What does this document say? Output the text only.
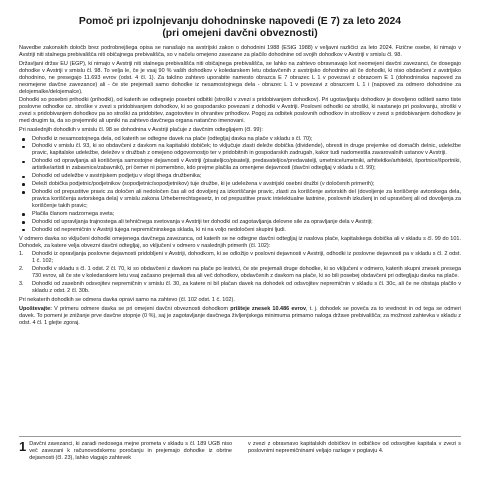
Pomoč pri izpolnjevanju dohodninske napovedi (E 7) za leto 2024
(pri omejeni davčni obveznosti)

Navedbe zakonskih določb brez podrobnejšega opisa se nanašajo na avstrijski zakon o dohodnini 1988 (EStG 1988) v veljavni različici za leto 2024. Fizične osebe, ki nimajo v Avstriji niti stalnega prebivališča niti običajnega prebivališča, so v načelu omejeno zavezane za plačilo dohodnine od svojih dohodkov v Avstriji v smislu čl. 98.

Državljani držav EU (EGP), ki nimajo v Avstriji niti stalnega prebivališča niti običajnega prebivališča, se lahko na zahtevo obravnavajo kot neomejeni davčni zavezanci, če dosegajo dohodke v Avstriji v smislu čl. 98. To velja le, če je vsaj 90 % vaših dohodkov v koledarskem letu obdavčenih z avstrijsko dohodnino ali če dohodki, ki niso obdavčeni z avstrijsko dohodnino, ne presegajo 11.693 evrov (odst. 4 čl. 1). Za takšno zahtevo uporabite namesto obrazca E 7 obrazec L 1 v povezavi z obrazcem E 1 (dohodninska napoved za neomejene davčne zavezance) ali - če ste prejemali samo dohodke iz nesamostojnega dela - obrazec L 1 v povezavi z obrazcem L 1 i (napoved za odmero dohodnine za delojemalke/delojemalce).

Dohodki so posebni prihodki (prihodki), od katerih se odtegnejo posebni odbitki (stroški v zvezi s pridobivanjem dohodkov). Pri ugotavljanju dohodkov je dovoljeno odšteti samo tiste poslovne odhodke oz. stroške v zvezi s pridobivanjem dohodkov, ki so gospodarsko povezani z dohodki v Avstriji. Poslovni odhodki oz stroški, ki nastanejo pri poslovanju, stroški v zvezi s pridobivanjem dohodkov pa so stroški za pridobitev, zagotovitev in ohranitev prihodkov. Pogoj za odbitek poslovnih odhodkov in stroškov v zvezi s pridobivanjem dohodkov je med drugim ta, da so prejemniki ali upniki na zahtevo davčnega organa natančno imenovani.

Pri naslednjih dohodkih v smislu čl. 98 se dohodnina v Avstriji plačuje z davčnim odtegljajem (čl. 99):

Dohodki iz nesamostojnega dela, od katerih se odtegne davek na plače (odtegljaj davka na plače v skladu s čl. 70);
Dohodki v smislu čl. 93, ki so obdavčeni z davkom na kapitalski dobiček; to vključuje zlasti deleže dobička (dividende), obresti in druge prejemke od domačih delnic, udeležbe pravic, kapitalske udeležbe, deležev v družbah z omejeno odgovornostjo ter v pridobitnih in gospodarskih zadrugah, kakor tudi nadomestila zavarovalnih ustanov v Avstriji.
Dohodki od opravljanja ali koriščenja samostojne dejavnosti v Avstriji (pisateljico/pisatelji, predavateljice/predavatelji, umetnice/umetniki, arhitektke/arhitekti, športnice/športniki, artistke/artisti in zabavnice/zabavniki), pri čemer ni pomembno, kdo prejme plačila za omenjene dejavnosti (davčni odtegljaj v skladu s čl. 99);
Dohodki od udeležbe v avstrijskem podjetju v vlogi tihega družbenika;
Deleži dobička podjetnic/podjetnikov (sopodjetnic/sopodjetnikov) tuje družbe, ki je udeležena v avstrijski osebni družbi (v določenih primerih);
Dohodki od prepustitve pravic za določen ali nedoločen čas ali od dovoljenj za izkoriščanje pravic, zlasti za koriščenje avtorskih del (dovoljenje za koriščenje avtorskega dela, pravica koriščenja avtorskega dela) v smislu zakona Urheberrechtsgesetz, in od prepustitve pravic intelektualne lastnine, poslovnih izkušenj in od upravičenj ali od dovoljenja za koriščenje takih pravic;
Plačila članom nadzornega sveta;
Dohodki od upravljanja trajnostega ali tehničnega svetovanja v Avstriji ter dohodki od zagotavljanja delovne sile za opravljanje dela v Avstriji;
Dohodki od nepremičnin v Avstriji tujega nepremičninskega sklada, ki ni na voljo nedoločeni skupini ljudi.

V odmero davka so vključeni dohodki omejenega davčnega zavezanca, od katerih se ne odtegne davčni odtegljaj iz naslova plače, kapitalskega dobička ali v skladu s čl. 99 do 101. Dohodek, za katere velja obvezni davčni odtegljaj, so vključeni v odmero v naslednjih primerih (čl. 102):

1.	Dohodki iz opravljanja poslovne dejavnosti pridobljeni v Avstriji, dohodkom, ki se odložijo v poslovni dejavnosti v Avstriji, odhodki iz poslovne dejavnosti pa v skladu s čl. 2 odst. 1 č. 102;
2.	Dohodki v skladu s čl. 1 odst. 2 čl. 70, ki so obdavčeni z davkom na plače po lestvici, če ste prejemali druge dohodke, ki so vključeni v odmero, katerih skupni znesek presega 730 evrov, ali če ste v koledarskem letu vsaj začasno prejemali dva ali več dohodkov, obdavčenih z davkom na plače, ki so bili posebej obdavčeni pri odtegljaju davka na plače.
3.	Dohodki od zasebnih odsvojitev nepremičnin v smislu čl. 30, za katere ni bil plačan davek na dohodek od odsvojitev nepremičnin v skladu s čl. 30c, ali če ne obstaja plačilo v skladu z odst. 2 čl. 30b.

Pri nekaterih dohodkih se odmera davka opravi samo na zahtevo (čl. 102 odst. 1 č. 102).

Upoštevajte: V primeru odmere davka se pri omejeni davčni obveznosti dohodkom prišteje znesek 10.486 evrov, t. j. dohodek se poveča za to vrednost in od tega se odmeri davek. To pomeni je znižanje prve davčne stopnje (0 %), saj je zagotavljanje davčnega življenjskega minimuma primarno naloga države prebivališča; za možnost zahtevka v skladu z odst. 4 čl. 1 glejte zgoraj.

1 Davčni zavezanci, ki zaradi nedosega mejne prometa v skladu s čl. 189 UGB niso več zavezani k računovodskemu poročanju in prejemajo dohodke iz obrtne dejavnosti (čl. 23), lahko vlagajo zahtevek
v zvezi z obravnavo kapitalskih dobičkov in odbičkov od odsvojitve kapitala v zvezi s poslovnimi nepremičninami veljajo razlage v poglavju 4.
